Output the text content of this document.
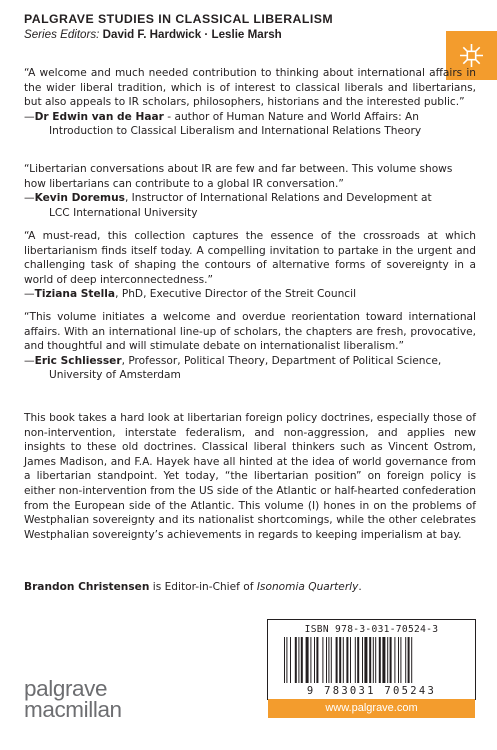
PALGRAVE STUDIES IN CLASSICAL LIBERALISM
Series Editors: David F. Hardwick · Leslie Marsh
“A welcome and much needed contribution to thinking about international affairs in the wider liberal tradition, which is of interest to classical liberals and libertarians, but also appeals to IR scholars, philosophers, historians and the interested public.”
—Dr Edwin van de Haar - author of Human Nature and World Affairs: An
Introduction to Classical Liberalism and International Relations Theory
“Libertarian conversations about IR are few and far between. This volume shows how libertarians can contribute to a global IR conversation.”
—Kevin Doremus, Instructor of International Relations and Development at
LCC International University
“A must-read, this collection captures the essence of the crossroads at which libertarianism finds itself today. A compelling invitation to partake in the urgent and challenging task of shaping the contours of alternative forms of sovereignty in a world of deep interconnectedness.”
—Tiziana Stella, PhD, Executive Director of the Streit Council
“This volume initiates a welcome and overdue reorientation toward international affairs. With an international line-up of scholars, the chapters are fresh, provocative, and thoughtful and will stimulate debate on internationalist liberalism.”
—Eric Schliesser, Professor, Political Theory, Department of Political Science,
University of Amsterdam

This book takes a hard look at libertarian foreign policy doctrines, especially those of non-intervention, interstate federalism, and non-aggression, and applies new insights to these old doctrines. Classical liberal thinkers such as Vincent Ostrom, James Madison, and F.A. Hayek have all hinted at the idea of world governance from a libertarian standpoint. Yet today, “the libertarian position” on foreign policy is either non-intervention from the US side of the Atlantic or half-hearted confederation from the European side of the Atlantic. This volume (I) hones in on the problems of Westphalian sovereignty and its nationalist shortcomings, while the other celebrates Westphalian sovereignty’s achievements in regards to keeping imperialism at bay.

Brandon Christensen is Editor-in-Chief of Isonomia Quarterly.
ISBN 978-3-031-70524-3
9 783031 705243
www.palgrave.com
palgrave
macmillan
